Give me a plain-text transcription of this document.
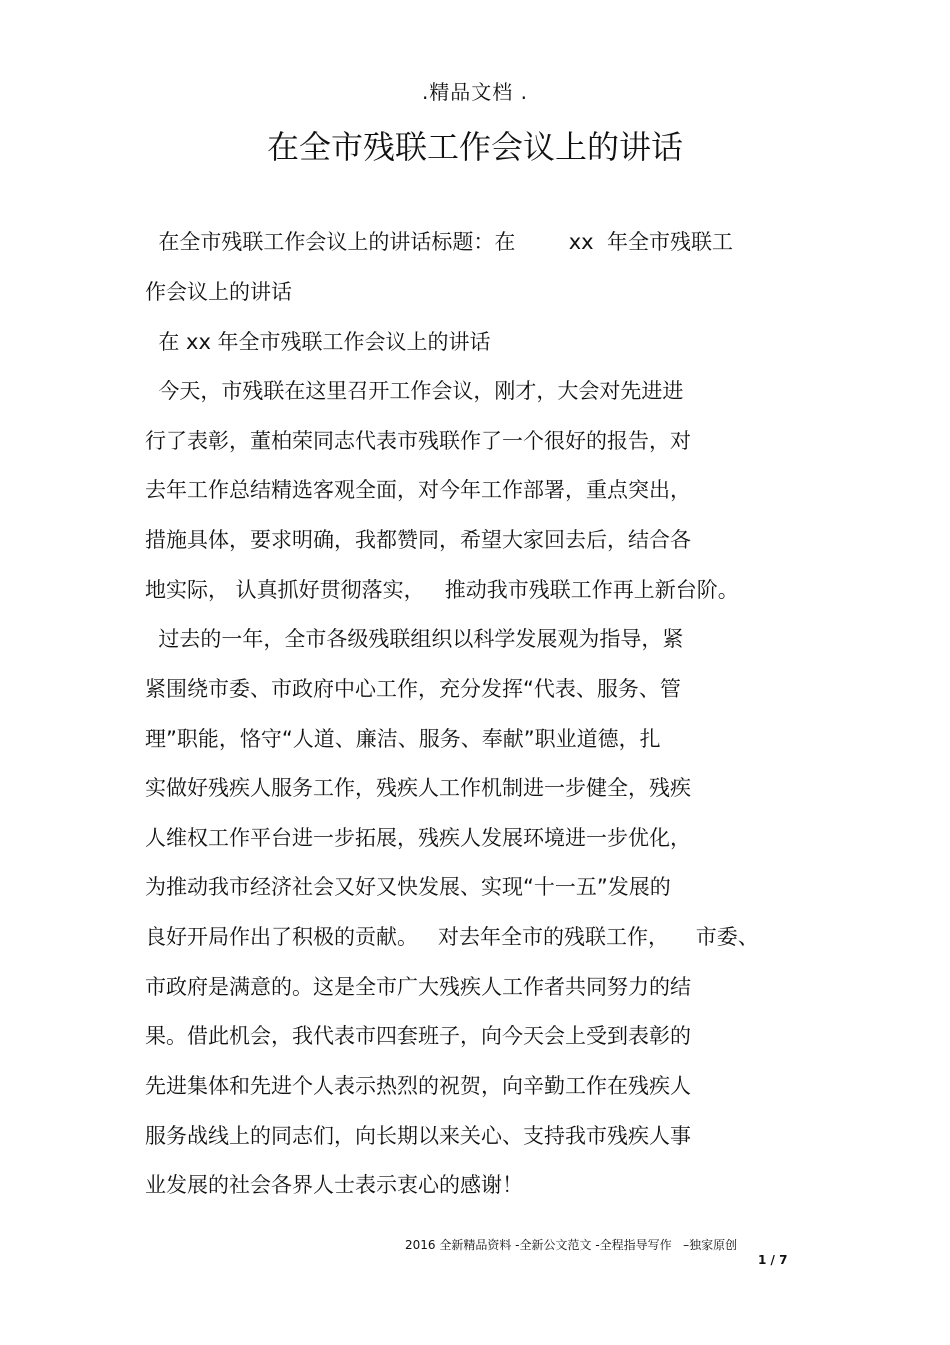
.精品文档 .
在全市残联工作会议上的讲话
在全市残联工作会议上的讲话标题：在        xx  年全市残联工
作会议上的讲话
在 xx 年全市残联工作会议上的讲话
今天，市残联在这里召开工作会议，刚才，大会对先进进
行了表彰，董柏荣同志代表市残联作了一个很好的报告，对
去年工作总结精选客观全面，对今年工作部署，重点突出，
措施具体，要求明确，我都赞同，希望大家回去后，结合各
地实际， 认真抓好贯彻落实，   推动我市残联工作再上新台阶。
过去的一年，全市各级残联组织以科学发展观为指导，紧
紧围绕市委、市政府中心工作，充分发挥“代表、服务、管
理”职能，恪守“人道、廉洁、服务、奉献”职业道德，扎
实做好残疾人服务工作，残疾人工作机制进一步健全，残疾
人维权工作平台进一步拓展，残疾人发展环境进一步优化，
为推动我市经济社会又好又快发展、实现“十一五”发展的
良好开局作出了积极的贡献。   对去年全市的残联工作，    市委、
市政府是满意的。这是全市广大残疾人工作者共同努力的结
果。借此机会，我代表市四套班子，向今天会上受到表彰的
先进集体和先进个人表示热烈的祝贺，向辛勤工作在残疾人
服务战线上的同志们，向长期以来关心、支持我市残疾人事
业发展的社会各界人士表示衷心的感谢！
2016 全新精品资料 -全新公文范文 -全程指导写作   –独家原创
1 / 7
